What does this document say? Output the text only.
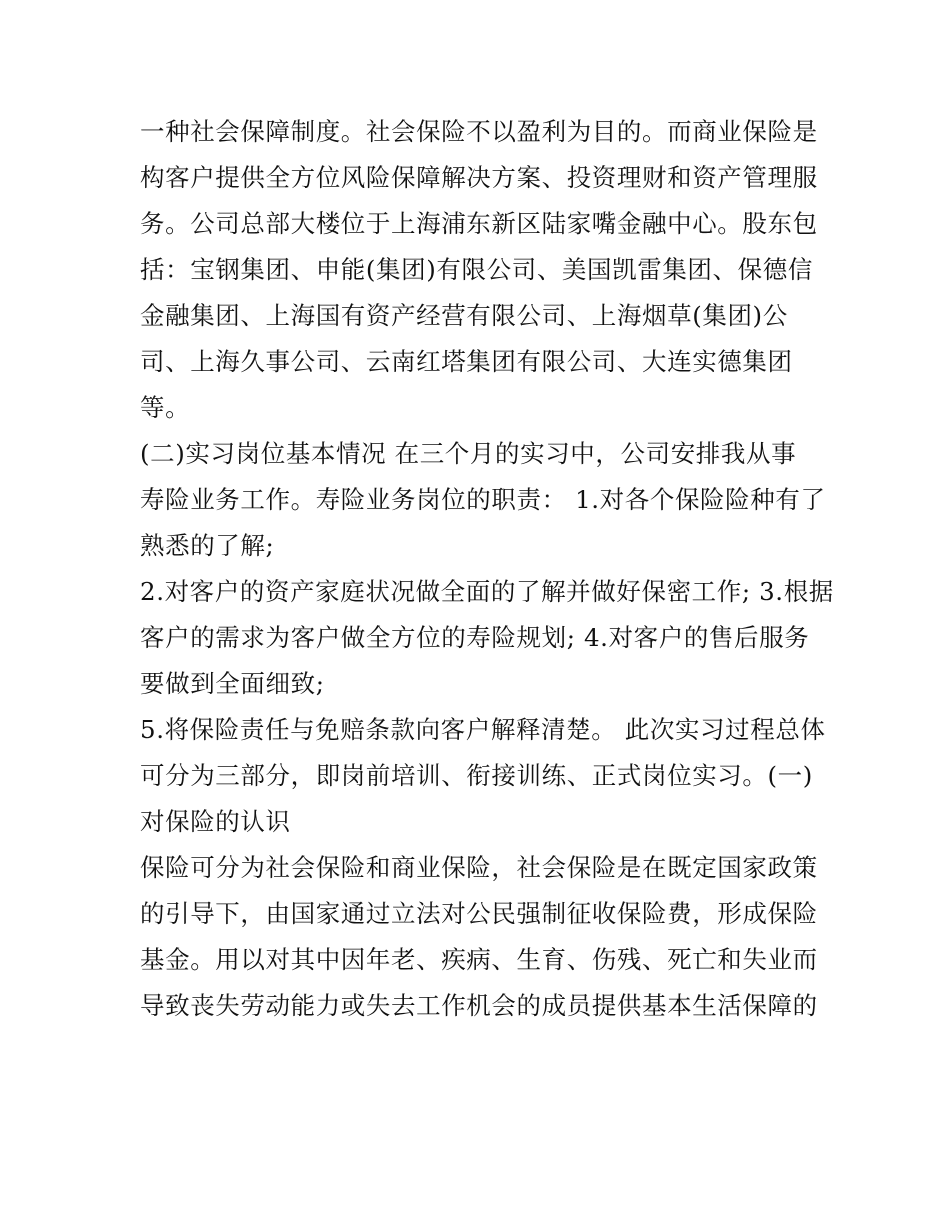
一种社会保障制度。社会保险不以盈利为目的。而商业保险是
构客户提供全方位风险保障解决方案、投资理财和资产管理服
务。公司总部大楼位于上海浦东新区陆家嘴金融中心。股东包
括：宝钢集团、申能(集团)有限公司、美国凯雷集团、保德信
金融集团、上海国有资产经营有限公司、上海烟草(集团)公
司、上海久事公司、云南红塔集团有限公司、大连实德集团
等。
(二)实习岗位基本情况 在三个月的实习中，公司安排我从事
寿险业务工作。寿险业务岗位的职责： 1.对各个保险险种有了
熟悉的了解;
2.对客户的资产家庭状况做全面的了解并做好保密工作; 3.根据
客户的需求为客户做全方位的寿险规划; 4.对客户的售后服务
要做到全面细致;
5.将保险责任与免赔条款向客户解释清楚。 此次实习过程总体
可分为三部分，即岗前培训、衔接训练、正式岗位实习。(一)
对保险的认识
保险可分为社会保险和商业保险，社会保险是在既定国家政策
的引导下，由国家通过立法对公民强制征收保险费，形成保险
基金。用以对其中因年老、疾病、生育、伤残、死亡和失业而
导致丧失劳动能力或失去工作机会的成员提供基本生活保障的
